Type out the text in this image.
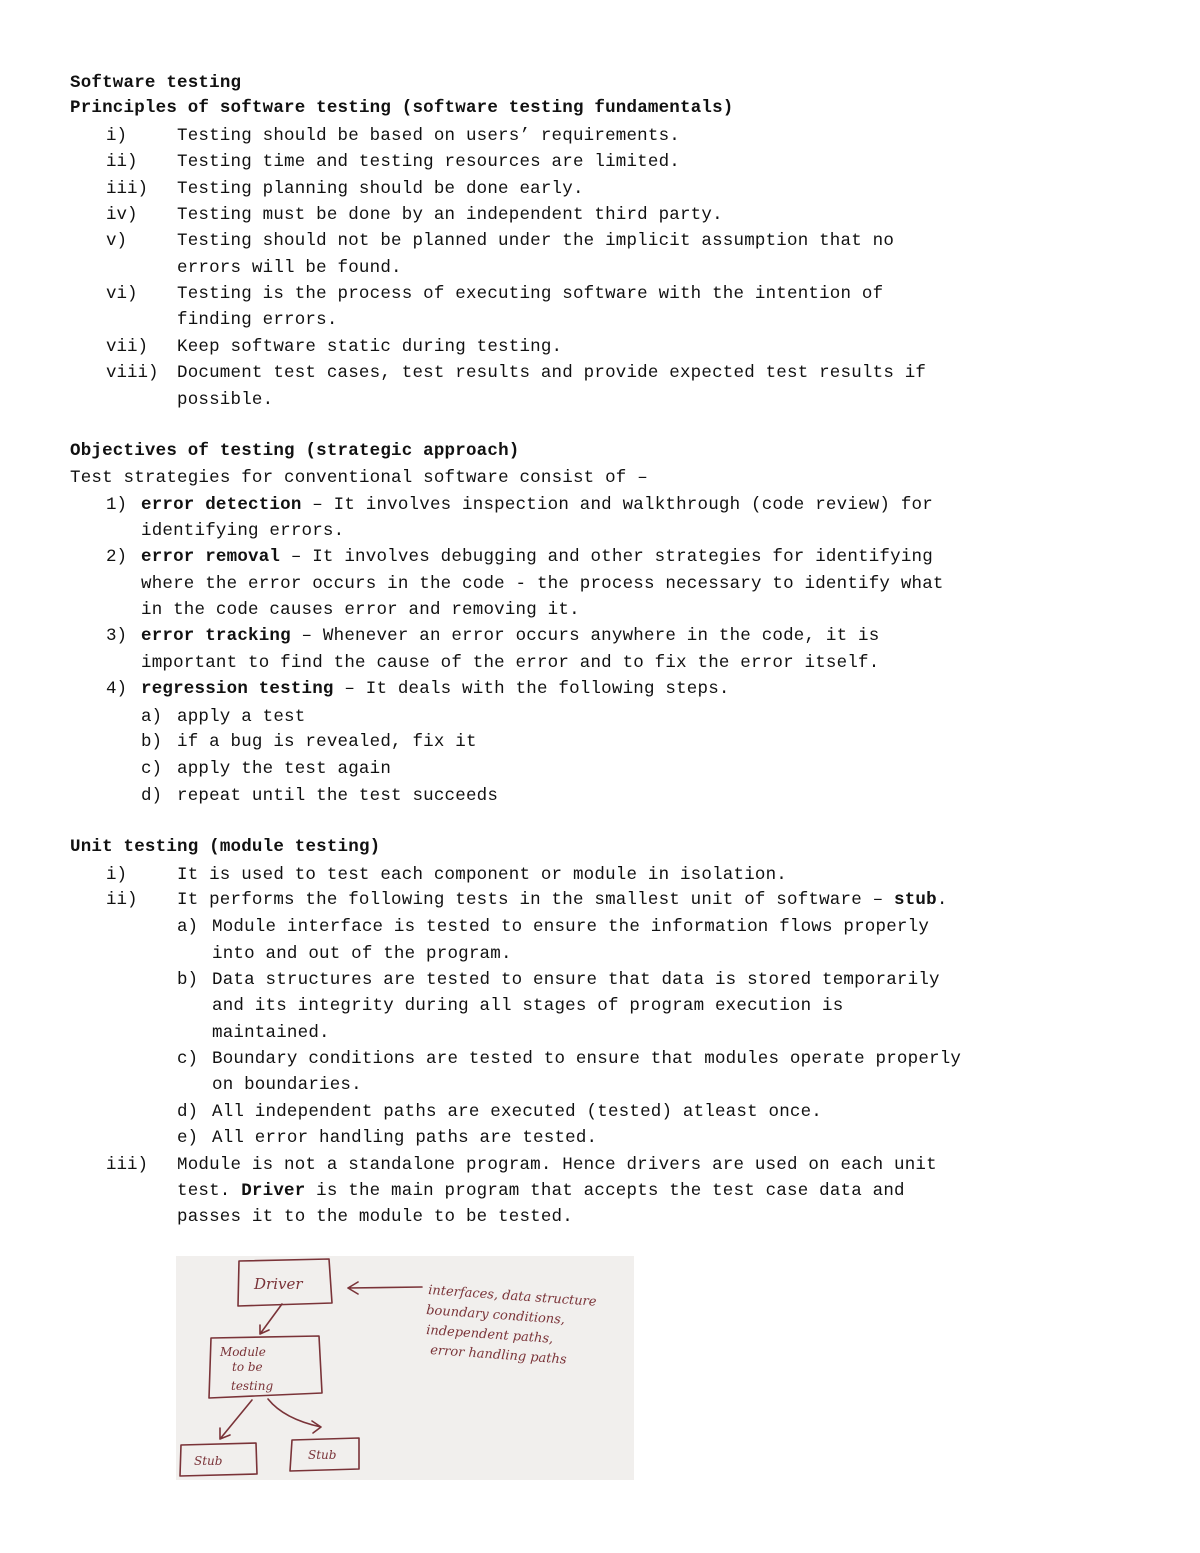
Software testing
Principles of software testing (software testing fundamentals)
i)	Testing should be based on users’ requirements.
ii) Testing time and testing resources are limited.
iii) Testing planning should be done early.
iv) Testing must be done by an independent third party.
v)	Testing should not be planned under the implicit assumption that no
errors will be found.
vi) Testing is the process of executing software with the intention of
finding errors.
vii) Keep software static during testing.
viii) Document test cases, test results and provide expected test results if
possible.
Objectives of testing (strategic approach)
Test strategies for conventional software consist of –
1) error detection – It involves inspection and walkthrough (code review) for
identifying errors.
2) error removal – It involves debugging and other strategies for identifying
where the error occurs in the code - the process necessary to identify what
in the code causes error and removing it.
3) error tracking – Whenever an error occurs anywhere in the code, it is
important to find the cause of the error and to fix the error itself.
4) regression testing – It deals with the following steps.
a) apply a test
b) if a bug is revealed, fix it
c) apply the test again
d) repeat until the test succeeds
Unit testing (module testing)
i)	It is used to test each component or module in isolation.
ii) It performs the following tests in the smallest unit of software – stub.
a) Module interface is tested to ensure the information flows properly
into and out of the program.
b) Data structures are tested to ensure that data is stored temporarily
and its integrity during all stages of program execution is
maintained.
c) Boundary conditions are tested to ensure that modules operate properly
on boundaries.
d) All independent paths are executed (tested) atleast once.
e) All error handling paths are tested.
iii) Module is not a standalone program. Hence drivers are used on each unit
test. Driver is the main program that accepts the test case data and
passes it to the module to be tested.
Driver
Module
to be
testing
Stub	Stub
interfaces, data structure
boundary conditions,
independent paths,
error handling paths
